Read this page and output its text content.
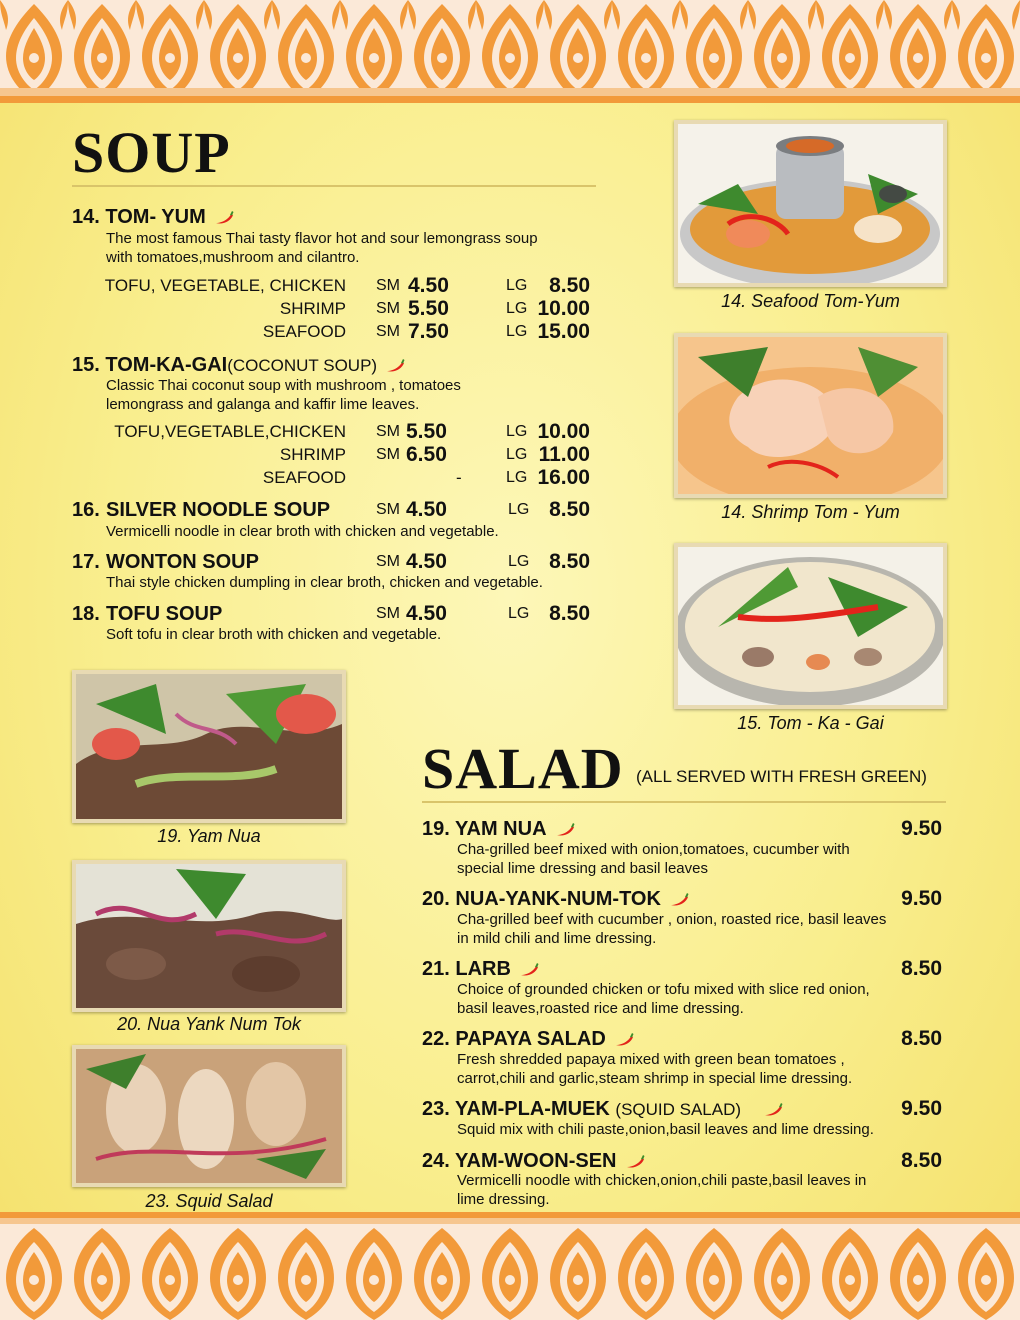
SOUP
14. TOM- YUM
The most famous Thai tasty flavor hot and sour lemongrass soup
with tomatoes,mushroom and cilantro.
TOFU, VEGETABLE, CHICKEN SM 4.50	LG 8.50
SHRIMP SM 5.50	LG 10.00
SEAFOOD SM 7.50	LG 15.00
15. TOM-KA-GAI(COCONUT SOUP)
Classic Thai coconut soup with mushroom , tomatoes
lemongrass and galanga and kaffir lime leaves.
TOFU,VEGETABLE,CHICKEN SM 5.50	LG 10.00
SHRIMP SM 6.50	LG 11.00
SEAFOOD	-	LG 16.00
16. SILVER NOODLE SOUP	SM 4.50	LG 8.50
Vermicelli noodle in clear broth with chicken and vegetable.
17. WONTON SOUP	SM 4.50	LG 8.50
Thai style chicken dumpling in clear broth, chicken and vegetable.
18. TOFU SOUP	SM 4.50	LG 8.50
Soft tofu in clear broth with chicken and vegetable.
14. Seafood Tom-Yum
14. Shrimp Tom - Yum
15. Tom - Ka - Gai
19. Yam Nua
20. Nua Yank Num Tok
23. Squid Salad
SALAD (ALL SERVED WITH FRESH GREEN)
19. YAM NUA	9.50
Cha-grilled beef mixed with onion,tomatoes, cucumber with
special lime dressing and basil leaves
20. NUA-YANK-NUM-TOK	9.50
Cha-grilled beef with cucumber , onion, roasted rice, basil leaves
in mild chili and lime dressing.
21. LARB	8.50
Choice of grounded chicken or tofu mixed with slice red onion,
basil leaves,roasted rice and lime dressing.
22. PAPAYA SALAD	8.50
Fresh shredded papaya mixed with green bean tomatoes ,
carrot,chili and garlic,steam shrimp in special lime dressing.
23. YAM-PLA-MUEK (SQUID SALAD)	9.50
Squid mix with chili paste,onion,basil leaves and lime dressing.
24. YAM-WOON-SEN	8.50
Vermicelli noodle with chicken,onion,chili paste,basil leaves in
lime dressing.
